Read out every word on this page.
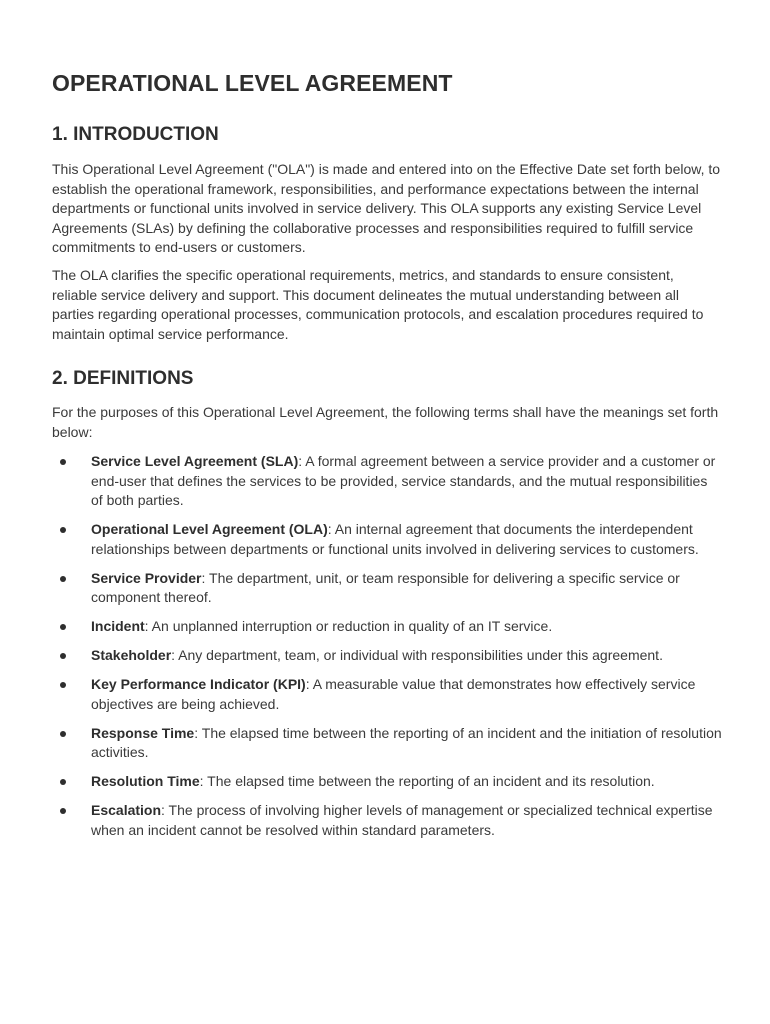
OPERATIONAL LEVEL AGREEMENT
1. INTRODUCTION

This Operational Level Agreement ("OLA") is made and entered into on the Effective Date set forth below, to establish the operational framework, responsibilities, and performance expectations between the internal departments or functional units involved in service delivery. This OLA supports any existing Service Level Agreements (SLAs) by defining the collaborative processes and responsibilities required to fulfill service commitments to end-users or customers.

The OLA clarifies the specific operational requirements, metrics, and standards to ensure consistent, reliable service delivery and support. This document delineates the mutual understanding between all parties regarding operational processes, communication protocols, and escalation procedures required to maintain optimal service performance.

2. DEFINITIONS

For the purposes of this Operational Level Agreement, the following terms shall have the meanings set forth below:

Service Level Agreement (SLA): A formal agreement between a service provider and a customer or end-user that defines the services to be provided, service standards, and the mutual responsibilities of both parties.
Operational Level Agreement (OLA): An internal agreement that documents the interdependent relationships between departments or functional units involved in delivering services to customers.
Service Provider: The department, unit, or team responsible for delivering a specific service or component thereof.
Incident: An unplanned interruption or reduction in quality of an IT service.
Stakeholder: Any department, team, or individual with responsibilities under this agreement.
Key Performance Indicator (KPI): A measurable value that demonstrates how effectively service objectives are being achieved.
Response Time: The elapsed time between the reporting of an incident and the initiation of resolution activities.
Resolution Time: The elapsed time between the reporting of an incident and its resolution.
Escalation: The process of involving higher levels of management or specialized technical expertise when an incident cannot be resolved within standard parameters.
